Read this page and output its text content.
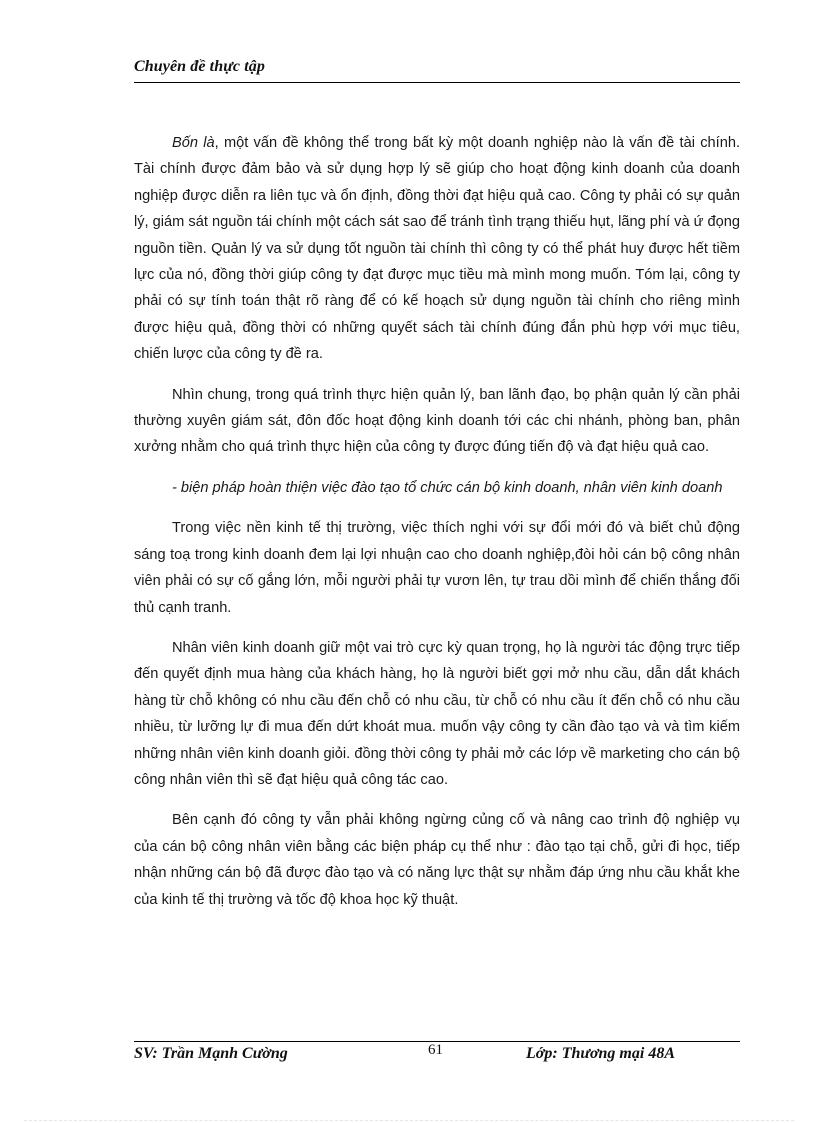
Chuyên đề thực tập

Bốn là, một vấn đề không thể trong bất kỳ một doanh nghiệp nào là vấn đề tài chính. Tài chính được đảm bảo và sử dụng hợp lý sẽ giúp cho hoạt động kinh doanh của doanh nghiệp được diễn ra liên tục và ổn định, đồng thời đạt hiệu quả cao. Công ty phải có sự quản lý, giám sát nguồn tái chính một cách sát sao để tránh tình trạng thiếu hụt, lãng phí và ứ đọng nguồn tiền. Quản lý va sử dụng tốt nguồn tài chính thì công ty có thể phát huy được hết tiềm lực của nó, đồng thời giúp công ty đạt được mục tiều mà mình mong muốn. Tóm lại, công ty phải có sự tính toán thật rõ ràng để có kế hoạch sử dụng nguồn tài chính cho riêng mình được hiệu quả, đồng thời có những quyết sách tài chính đúng đắn phù hợp với mục tiêu, chiến lược của công ty đề ra.

Nhìn chung, trong quá trình thực hiện quản lý, ban lãnh đạo, bọ phận quản lý cần phải thường xuyên giám sát, đôn đốc hoạt động kinh doanh tới các chi nhánh, phòng ban, phân xưởng nhằm cho quá trình thực hiện của công ty được đúng tiến độ và đạt hiệu quả cao.

- biện pháp hoàn thiện việc đào tạo tổ chức cán bộ kinh doanh, nhân viên kinh doanh

Trong việc nền kinh tế thị trường, việc thích nghi với sự đổi mới đó và biết chủ động sáng toạ trong kinh doanh đem lại lợi nhuận cao cho doanh nghiệp,đòi hỏi cán bộ công nhân viên phải có sự cố gắng lớn, mỗi người phải tự vươn lên, tự trau dồi mình để chiến thắng đối thủ cạnh tranh.

Nhân viên kinh doanh giữ một vai trò cực kỳ quan trọng, họ là người tác động trực tiếp đến quyết định mua hàng của khách hàng, họ là người biết gợi mở nhu cầu, dẫn dắt khách hàng từ chỗ không có nhu cầu đến chỗ có nhu cầu, từ chỗ có nhu cầu ít đến chỗ có nhu cầu nhiều, từ lưỡng lự đi mua đến dứt khoát mua. muốn vậy công ty cần đào tạo và và tìm kiếm những nhân viên kinh doanh giỏi. đồng thời công ty phải mở các lớp về marketing cho cán bộ công nhân viên thì sẽ đạt hiệu quả công tác cao.

Bên cạnh đó công ty vẫn phải không ngừng củng cố và nâng cao trình độ nghiệp vụ của cán bộ công nhân viên bằng các biện pháp cụ thể như : đào tạo tại chỗ, gửi đi học, tiếp nhận những cán bộ đã được đào tạo và có năng lực thật sự nhằm đáp ứng nhu cầu khắt khe của kinh tế thị trường và tốc độ khoa học kỹ thuật.

SV: Trần Mạnh Cường	61	Lớp: Thương mại 48A
